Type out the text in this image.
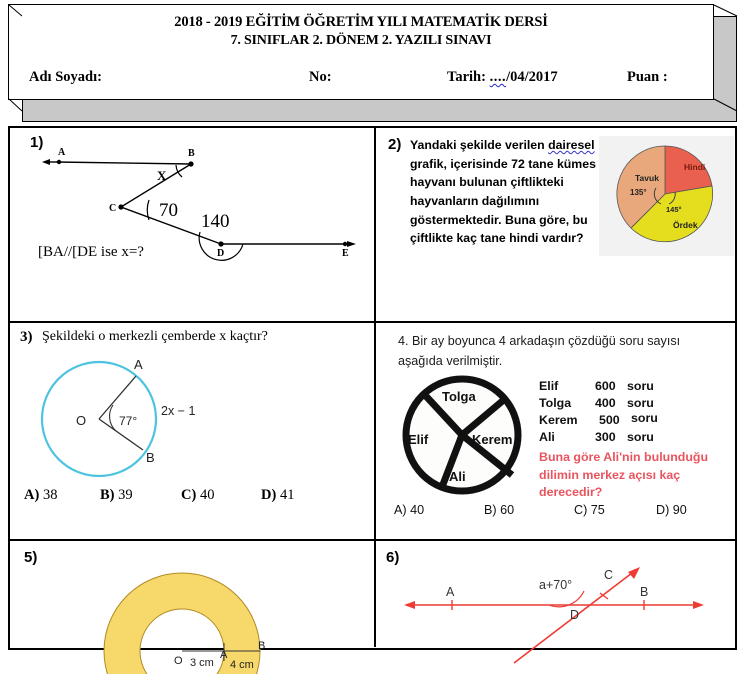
2018 - 2019 EĞİTİM ÖĞRETİM YILI MATEMATİK DERSİ
7. SINIFLAR 2. DÖNEM 2. YAZILI SINAVI
Adı Soyadı:	No:	Tarih: ..../04/2017	Puan :
1)
A	B
C
D	E
X
70
140
[BA//[DE ise x=?
2) Yandaki şekilde verilen dairesel grafik, içerisinde 72 tane kümes hayvanı bulunan çiftlikteki hayvanların dağılımını göstermektedir. Buna göre, bu çiftlikte kaç tane hindi vardır?
Tavuk
135°
Hindi
145°
Ördek
3) Şekildeki o merkezli çemberde x kaçtır?
O
A
B
77°
2x − 1
A) 38	B) 39	C) 40	D) 41
4. Bir ay boyunca 4 arkadaşın çözdüğü soru sayısı aşağıda verilmiştir.
Tolga
Elif	Kerem
Ali
Elif	600 soru
Tolga 400 soru
Kerem 500 soru
Ali	300 soru
Buna göre Ali'nin bulunduğu dilimin merkez açısı kaç derecedir?
A) 40	B) 60	C) 75	D) 90
5)
O 3 cm
A
4 cm
B
6)
A	B
C
D
a+70°
